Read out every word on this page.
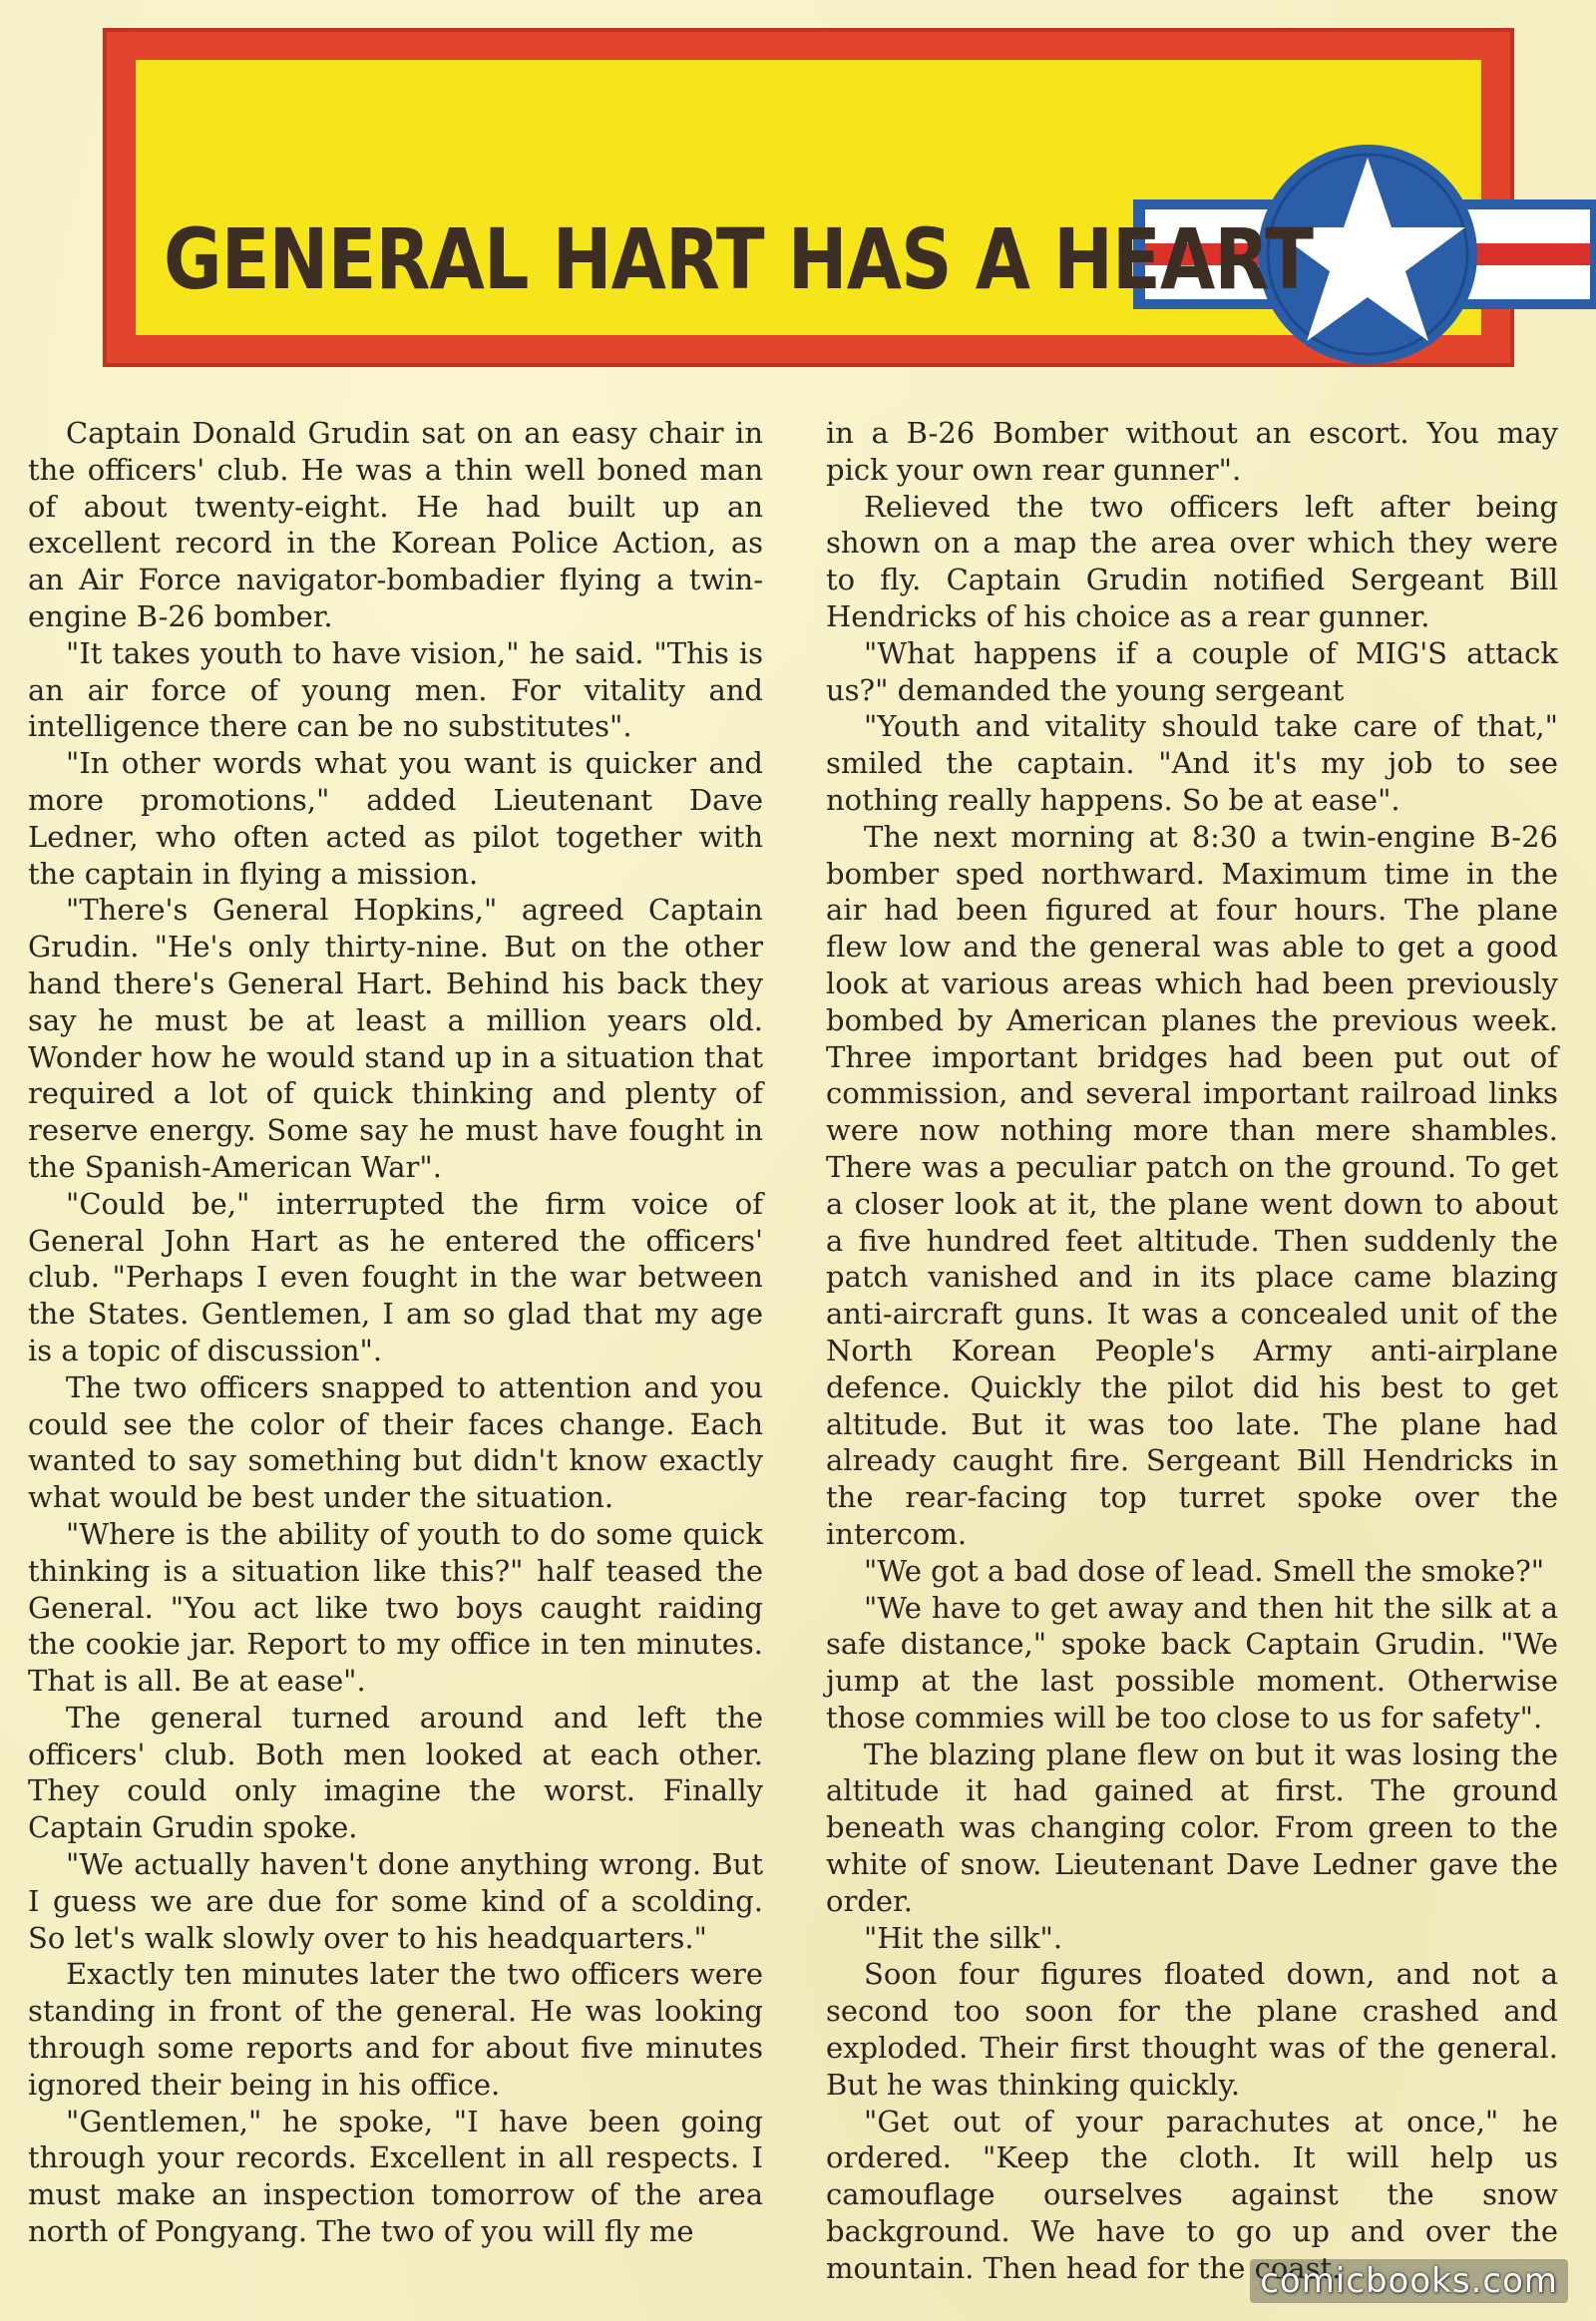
GENERAL HART HAS A HEART

Captain Donald Grudin sat on an easy chair in the officers' club. He was a thin well boned man of about twenty-eight. He had built up an excellent record in the Korean Police Action, as an Air Force navigator-bombadier flying a twin-engine B-26 bomber.

"It takes youth to have vision," he said. "This is an air force of young men. For vitality and intelligence there can be no substitutes".

"In other words what you want is quicker and more promotions," added Lieutenant Dave Ledner, who often acted as pilot together with the captain in flying a mission.

"There's General Hopkins," agreed Captain Grudin. "He's only thirty-nine. But on the other hand there's General Hart. Behind his back they say he must be at least a million years old. Wonder how he would stand up in a situation that required a lot of quick thinking and plenty of reserve energy. Some say he must have fought in the Spanish-American War".

"Could be," interrupted the firm voice of General John Hart as he entered the officers' club. "Perhaps I even fought in the war between the States. Gentlemen, I am so glad that my age is a topic of discussion".

The two officers snapped to attention and you could see the color of their faces change. Each wanted to say something but didn't know exactly what would be best under the situation.

"Where is the ability of youth to do some quick thinking is a situation like this?" half teased the General. "You act like two boys caught raiding the cookie jar. Report to my office in ten minutes. That is all. Be at ease".

The general turned around and left the officers' club. Both men looked at each other. They could only imagine the worst. Finally Captain Grudin spoke.

"We actually haven't done anything wrong. But I guess we are due for some kind of a scolding. So let's walk slowly over to his headquarters."

Exactly ten minutes later the two officers were standing in front of the general. He was looking through some reports and for about five minutes ignored their being in his office.

"Gentlemen," he spoke, "I have been going through your records. Excellent in all respects. I must make an inspection tomorrow of the area north of Pongyang. The two of you will fly me

in a B-26 Bomber without an escort. You may pick your own rear gunner".

Relieved the two officers left after being shown on a map the area over which they were to fly. Captain Grudin notified Sergeant Bill Hendricks of his choice as a rear gunner.

"What happens if a couple of MIG'S attack us?" demanded the young sergeant

"Youth and vitality should take care of that," smiled the captain. "And it's my job to see nothing really happens. So be at ease".

The next morning at 8:30 a twin-engine B-26 bomber sped northward. Maximum time in the air had been figured at four hours. The plane flew low and the general was able to get a good look at various areas which had been previously bombed by American planes the previous week. Three important bridges had been put out of commission, and several important railroad links were now nothing more than mere shambles. There was a peculiar patch on the ground. To get a closer look at it, the plane went down to about a five hundred feet altitude. Then suddenly the patch vanished and in its place came blazing anti-aircraft guns. It was a concealed unit of the North Korean People's Army anti-airplane defence. Quickly the pilot did his best to get altitude. But it was too late. The plane had already caught fire. Sergeant Bill Hendricks in the rear-facing top turret spoke over the intercom.

"We got a bad dose of lead. Smell the smoke?"

"We have to get away and then hit the silk at a safe distance," spoke back Captain Grudin. "We jump at the last possible moment. Otherwise those commies will be too close to us for safety".

The blazing plane flew on but it was losing the altitude it had gained at first. The ground beneath was changing color. From green to the white of snow. Lieutenant Dave Ledner gave the order.

"Hit the silk".

Soon four figures floated down, and not a second too soon for the plane crashed and exploded. Their first thought was of the general. But he was thinking quickly.

"Get out of your parachutes at once," he ordered. "Keep the cloth. It will help us camouflage ourselves against the snow background. We have to go up and over the mountain. Then head for the coast.

comicbooks.com
